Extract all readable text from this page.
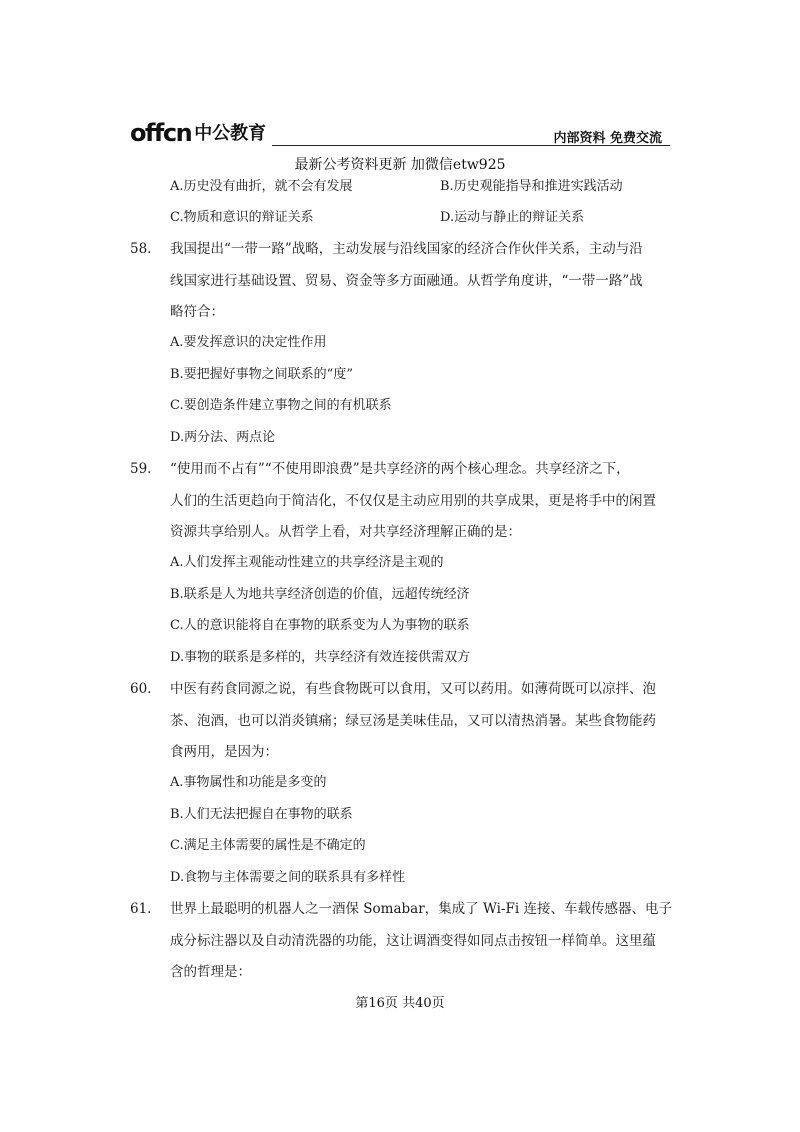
offcn 中公教育	内部资料 免费交流
最新公考资料更新 加微信etw925
A.历史没有曲折，就不会有发展	B.历史观能指导和推进实践活动
C.物质和意识的辩证关系	D.运动与静止的辩证关系
58. 我国提出“一带一路”战略，主动发展与沿线国家的经济合作伙伴关系，主动与沿
线国家进行基础设置、贸易、资金等多方面融通。从哲学角度讲，“一带一路”战
略符合：
A.要发挥意识的决定性作用
B.要把握好事物之间联系的“度”
C.要创造条件建立事物之间的有机联系
D.两分法、两点论
59. “使用而不占有”“不使用即浪费”是共享经济的两个核心理念。共享经济之下，
人们的生活更趋向于简洁化，不仅仅是主动应用别的共享成果，更是将手中的闲置
资源共享给别人。从哲学上看，对共享经济理解正确的是：
A.人们发挥主观能动性建立的共享经济是主观的
B.联系是人为地共享经济创造的价值，远超传统经济
C.人的意识能将自在事物的联系变为人为事物的联系
D.事物的联系是多样的，共享经济有效连接供需双方
60. 中医有药食同源之说，有些食物既可以食用，又可以药用。如薄荷既可以凉拌、泡
茶、泡酒，也可以消炎镇痛；绿豆汤是美味佳品，又可以清热消暑。某些食物能药
食两用，是因为：
A.事物属性和功能是多变的
B.人们无法把握自在事物的联系
C.满足主体需要的属性是不确定的
D.食物与主体需要之间的联系具有多样性
61. 世界上最聪明的机器人之一酒保 Somabar，集成了 Wi-Fi 连接、车载传感器、电子
成分标注器以及自动清洗器的功能，这让调酒变得如同点击按钮一样简单。这里蕴
含的哲理是：
第16页 共40页
